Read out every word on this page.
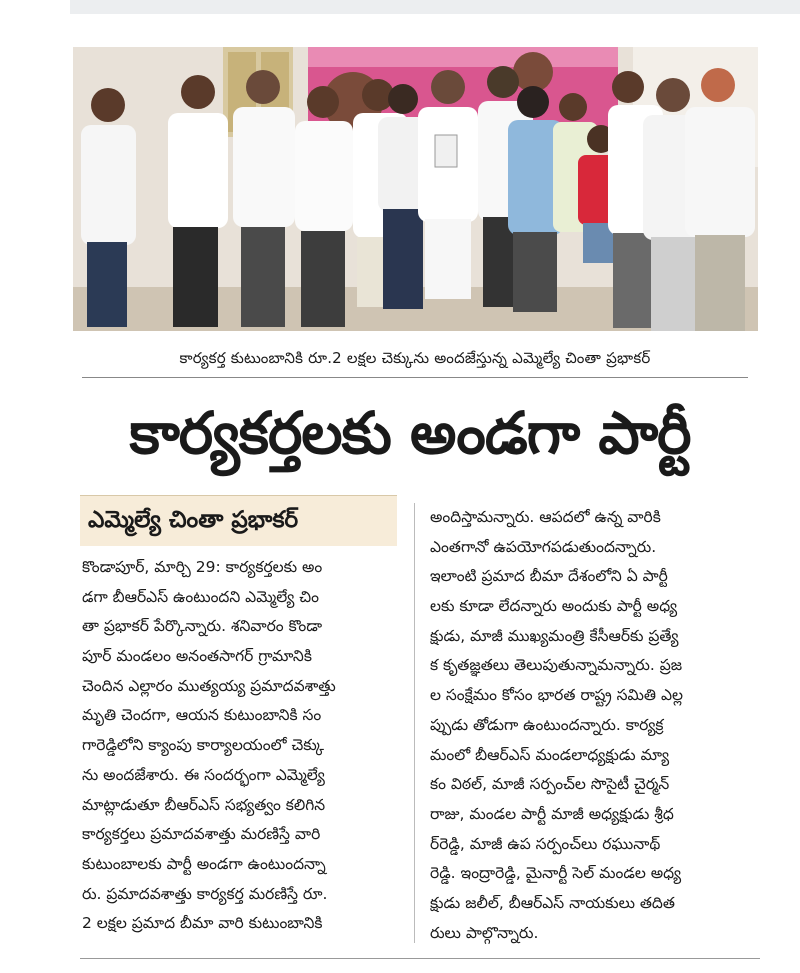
కార్యకర్త కుటుంబానికి రూ.2 లక్షల చెక్కును అందజేస్తున్న ఎమ్మెల్యే చింతా ప్రభాకర్
కార్యకర్తలకు అండగా పార్టీ
ఎమ్మెల్యే చింతా ప్రభాకర్
కొండాపూర్, మార్చి 29: కార్యకర్తలకు అం
డగా బీఆర్ఎస్ ఉంటుందని ఎమ్మెల్యే చిం
తా ప్రభాకర్ పేర్కొన్నారు. శనివారం కొండా
పూర్ మండలం అనంతసాగర్ గ్రామానికి
చెందిన ఎల్లారం ముత్యయ్య ప్రమాదవశాత్తు
మృతి చెందగా, ఆయన కుటుంబానికి సం
గారెడ్డిలోని క్యాంపు కార్యాలయంలో చెక్కు
ను అందజేశారు. ఈ సందర్భంగా ఎమ్మెల్యే
మాట్లాడుతూ బీఆర్ఎస్ సభ్యత్వం కలిగిన
కార్యకర్తలు ప్రమాదవశాత్తు మరణిస్తే వారి
కుటుంబాలకు పార్టీ అండగా ఉంటుందన్నా
రు. ప్రమాదవశాత్తు కార్యకర్త మరణిస్తే రూ.
2 లక్షల ప్రమాద బీమా వారి కుటుంబానికి
అందిస్తామన్నారు. ఆపదలో ఉన్న వారికి
ఎంతగానో ఉపయోగపడుతుందన్నారు.
ఇలాంటి ప్రమాద బీమా దేశంలోని ఏ పార్టీ
లకు కూడా లేదన్నారు అందుకు పార్టీ అధ్య
క్షుడు, మాజీ ముఖ్యమంత్రి కేసీఆర్‌కు ప్రత్యే
క కృతజ్ఞతలు తెలుపుతున్నామన్నారు. ప్రజ
ల సంక్షేమం కోసం భారత రాష్ట్ర సమితి ఎల్ల
ప్పుడు తోడుగా ఉంటుందన్నారు. కార్యక్ర
మంలో బీఆర్ఎస్ మండలాధ్యక్షుడు మ్యా
కం విఠల్, మాజీ సర్పంచ్‌ల సొసైటీ చైర్మన్
రాజు, మండల పార్టీ మాజీ అధ్యక్షుడు శ్రీధ
ర్‌రెడ్డి, మాజీ ఉప సర్పంచ్‌లు రఘునాథ్
రెడ్డి. ఇంద్రారెడ్డి, మైనార్టీ సెల్ మండల అధ్య
క్షుడు జలీల్, బీఆర్ఎస్ నాయకులు తదిత
రులు పాల్గొన్నారు.
